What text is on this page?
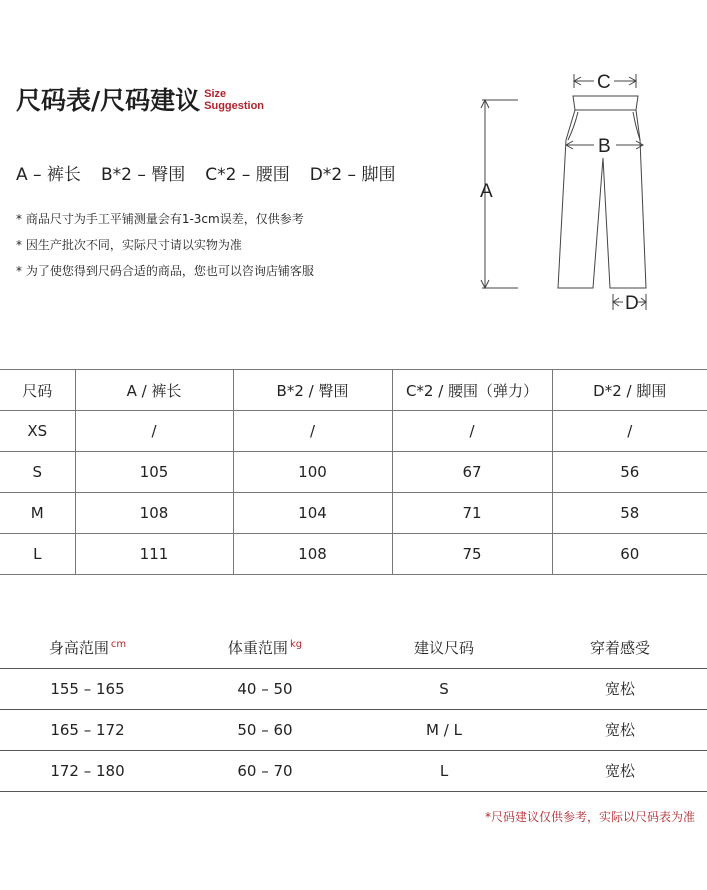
尺码表/尺码建议 Size
Suggestion
A – 裤长 B*2 – 臀围 C*2 – 腰围 D*2 – 脚围
* 商品尺寸为手工平铺测量会有1-3cm误差，仅供参考
* 因生产批次不同，实际尺寸请以实物为准
* 为了使您得到尺码合适的商品，您也可以咨询店铺客服
A
C
B
D
尺码	A / 裤长	B*2 / 臀围	C*2 / 腰围（弹力）	D*2 / 脚围
XS	/	/	/	/
S	105	100	67	56
M	108	104	71	58
L	111	108	75	60
身高范围 $^{cm}$	体重范围 $^{kg}$	建议尺码	穿着感受
155 – 165	40 – 50	S	宽松
165 – 172	50 – 60	M / L	宽松
172 – 180	60 – 70	L	宽松
*尺码建议仅供参考，实际以尺码表为准
